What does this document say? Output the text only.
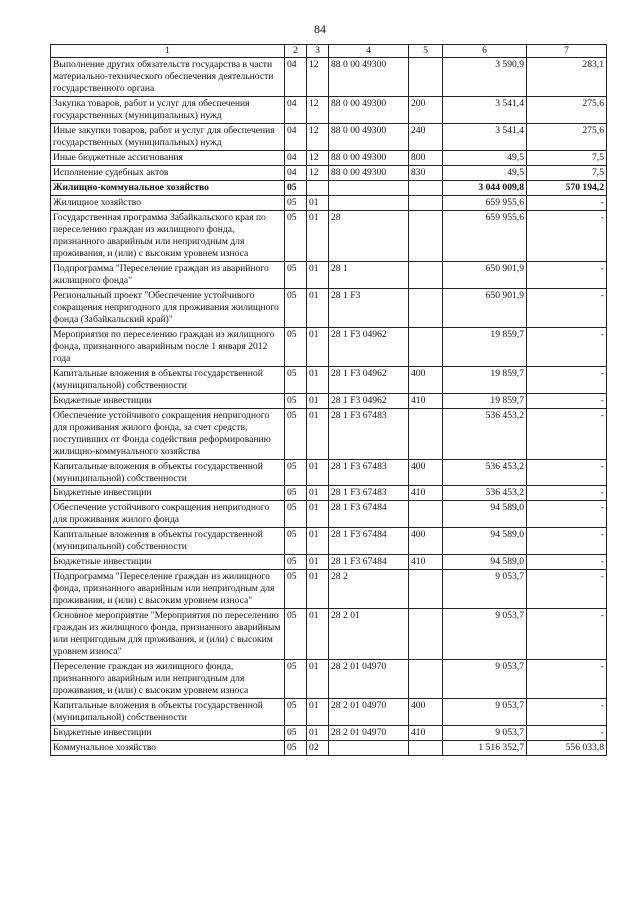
84
1	2	3	4	5	6	7
Выполнение других обязательств государства в части материально-технического обеспечения деятельности государственного органа	04	12	88 0 00 49300		3 590,9	283,1
Закупка товаров, работ и услуг для обеспечения государственных (муниципальных) нужд	04	12	88 0 00 49300	200	3 541,4	275,6
Иные закупки товаров, работ и услуг для обеспечения государственных (муниципальных) нужд	04	12	88 0 00 49300	240	3 541,4	275,6
Иные бюджетные ассигнования	04	12	88 0 00 49300	800	49,5	7,5
Исполнение судебных актов	04	12	88 0 00 49300	830	49,5	7,5
Жилищно-коммунальное хозяйство	05				3 044 009,8	570 194,2
Жилищное хозяйство	05	01			659 955,6	-
Государственная программа Забайкальского края по переселению граждан из жилищного фонда, признанного аварийным или непригодным для проживания, и (или) с высоким уровнем износа	05	01	28		659 955,6	-
Подпрограмма "Переселение граждан из аварийного жилищного фонда"	05	01	28 1		650 901,9	-
Региональный проект "Обеспечение устойчивого сокращения непригодного для проживания жилищного фонда (Забайкальский край)"	05	01	28 1 F3		650 901,9	-
Мероприятия по переселению граждан из жилищного фонда, признанного аварийным после 1 января 2012 года	05	01	28 1 F3 04962		19 859,7	-
Капитальные вложения в объекты государственной (муниципальной) собственности	05	01	28 1 F3 04962	400	19 859,7	-
Бюджетные инвестиции	05	01	28 1 F3 04962	410	19 859,7	-
Обеспечение устойчивого сокращения непригодного для проживания жилого фонда, за счет средств, поступивших от Фонда содействия реформированию жилищно-коммунального хозяйства	05	01	28 1 F3 67483		536 453,2	-
Капитальные вложения в объекты государственной (муниципальной) собственности	05	01	28 1 F3 67483	400	536 453,2	-
Бюджетные инвестиции	05	01	28 1 F3 67483	410	536 453,2	-
Обеспечение устойчивого сокращения непригодного для проживания жилого фонда	05	01	28 1 F3 67484		94 589,0	-
Капитальные вложения в объекты государственной (муниципальной) собственности	05	01	28 1 F3 67484	400	94 589,0	-
Бюджетные инвестиции	05	01	28 1 F3 67484	410	94 589,0	-
Подпрограмма "Переселение граждан из жилищного фонда, признанного аварийным или непригодным для проживания, и (или) с высоким уровнем износа"	05	01	28 2		9 053,7	-
Основное мероприятие "Мероприятия по переселению граждан из жилищного фонда, признанного аварийным или непригодным для проживания, и (или) с высоким уровнем износа"	05	01	28 2 01		9 053,7	-
Переселение граждан из жилищного фонда, признанного аварийным или непригодным для проживания, и (или) с высоким уровнем износа	05	01	28 2 01 04970		9 053,7	-
Капитальные вложения в объекты государственной (муниципальной) собственности	05	01	28 2 01 04970	400	9 053,7	-
Бюджетные инвестиции	05	01	28 2 01 04970	410	9 053,7	-
Коммунальное хозяйство	05	02			1 516 352,7	556 033,8
